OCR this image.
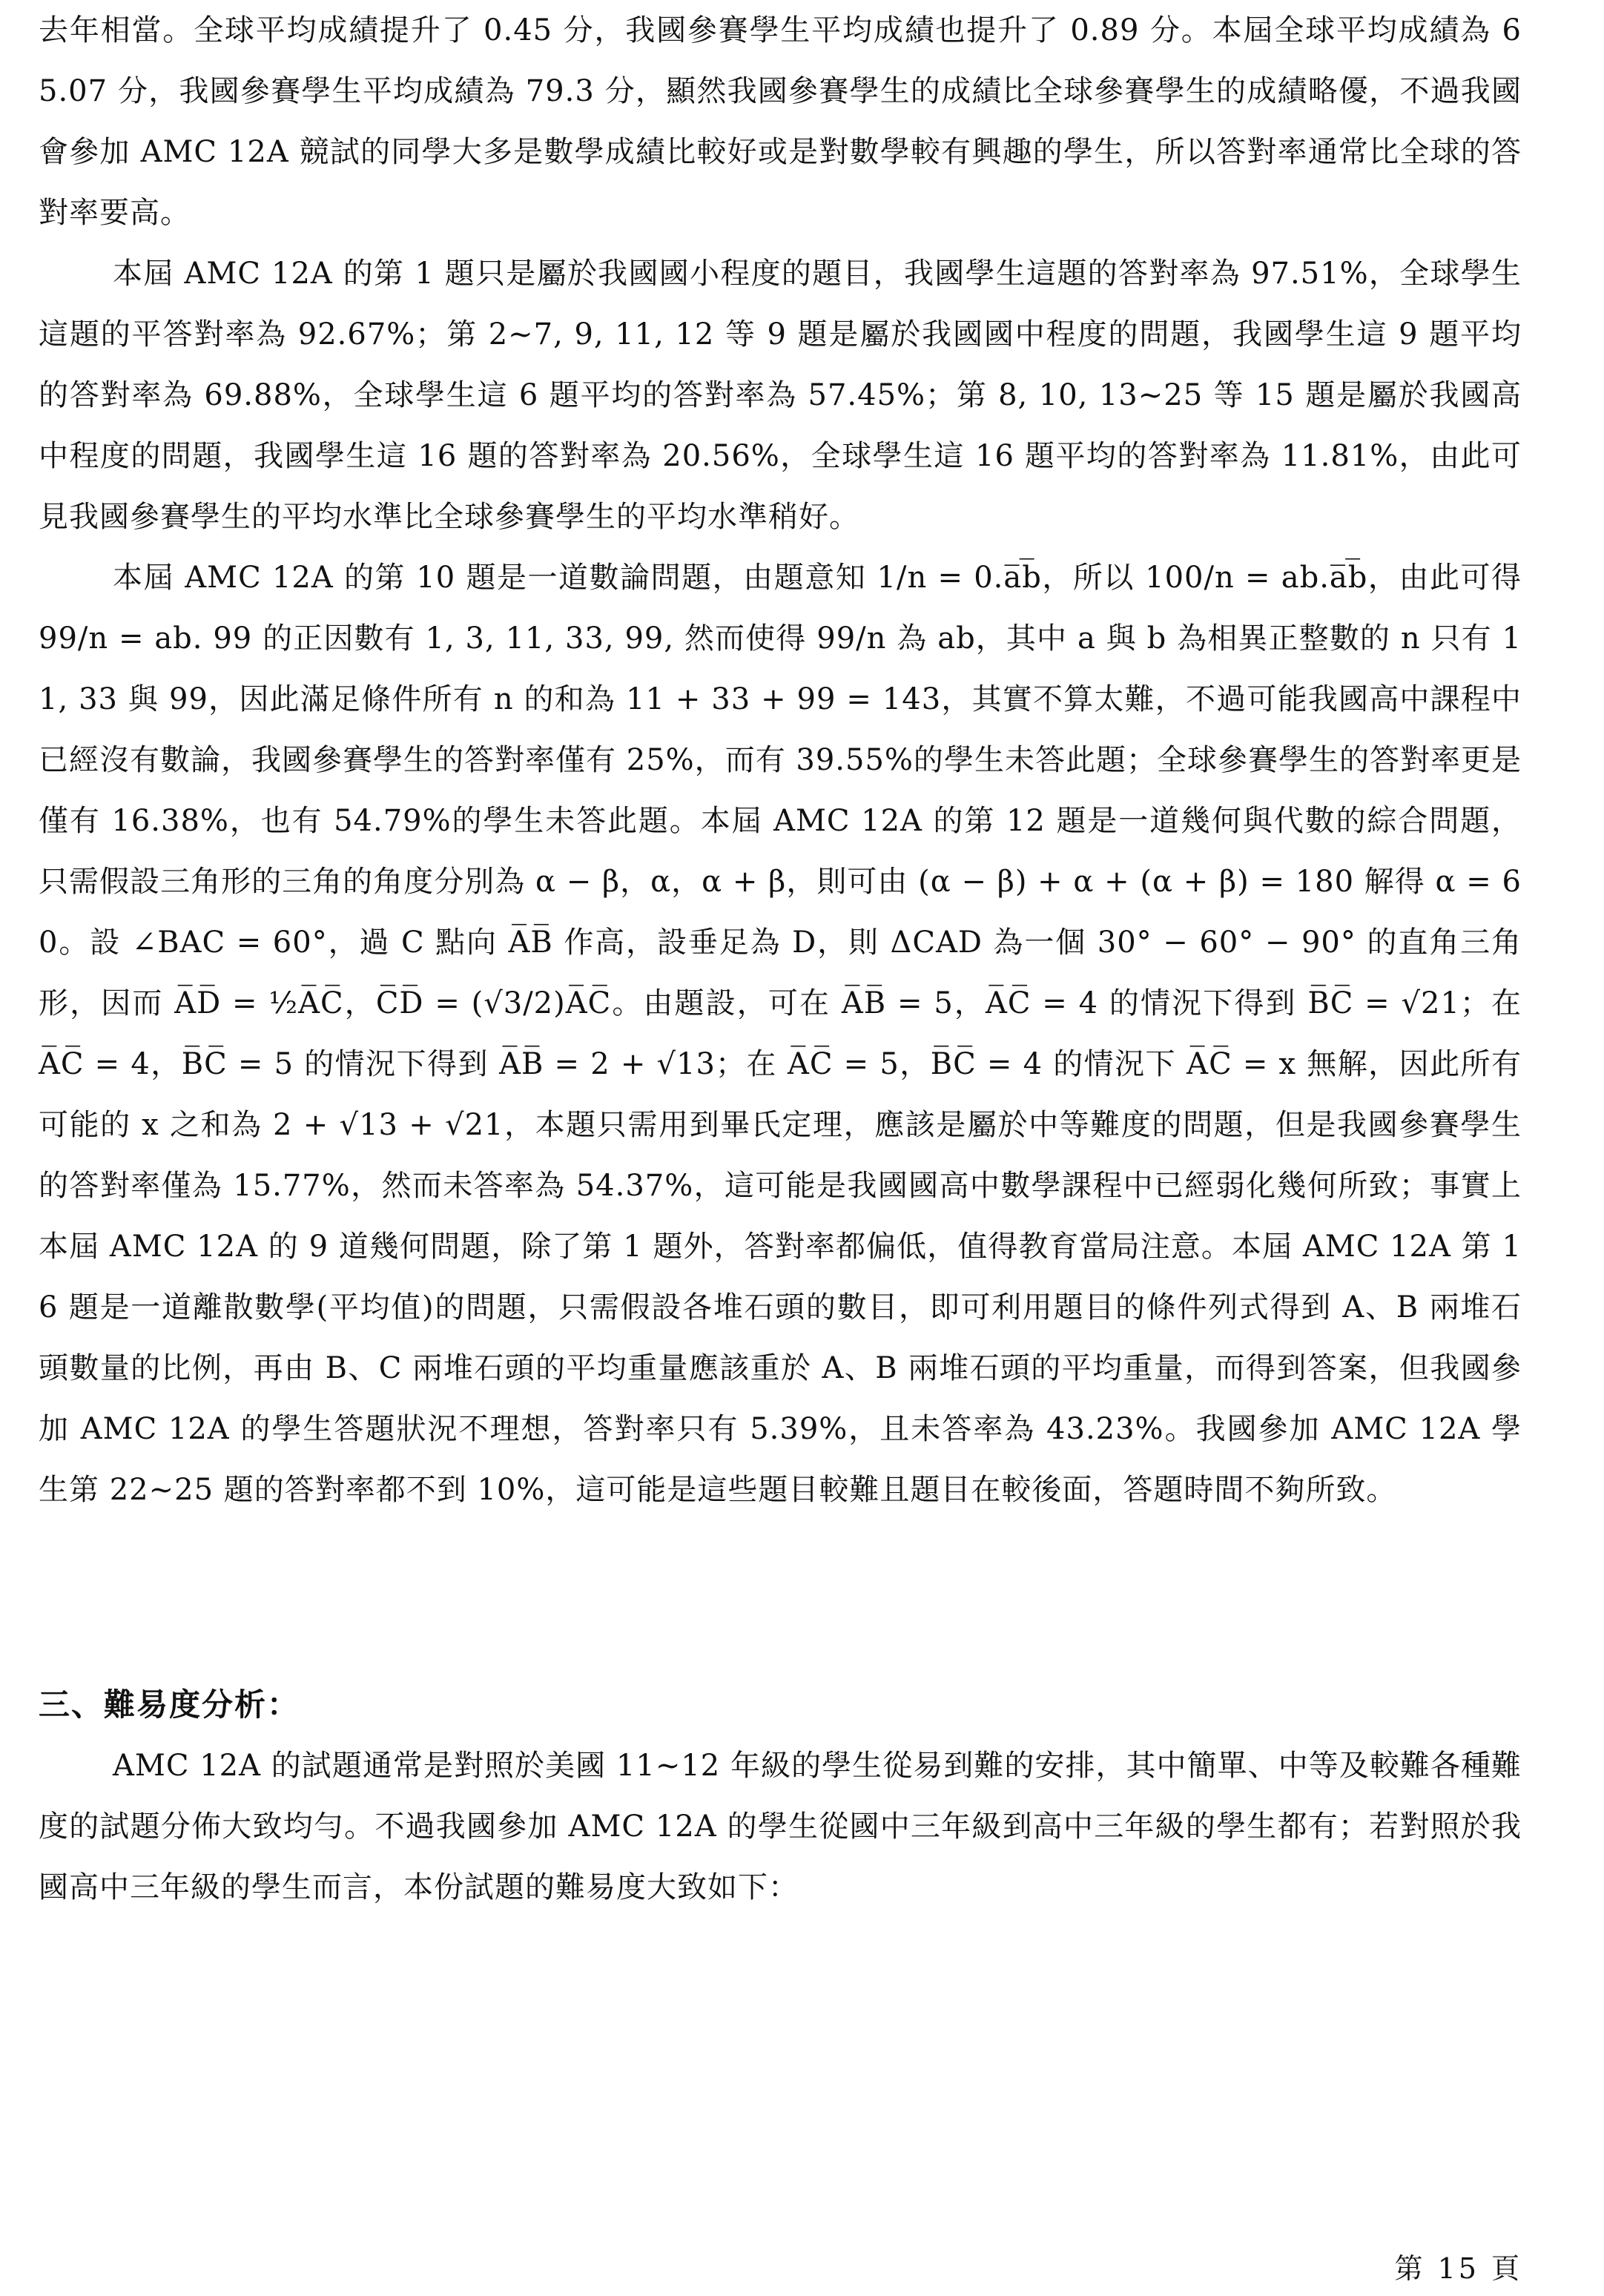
去年相當。全球平均成績提升了 0.45 分，我國參賽學生平均成績也提升了 0.89 分。本屆全球平均成績為 65.07 分，我國參賽學生平均成績為 79.3 分，顯然我國參賽學生的成績比全球參賽學生的成績略優，不過我國會參加 AMC 12A 競試的同學大多是數學成績比較好或是對數學較有興趣的學生，所以答對率通常比全球的答對率要高。

本屆 AMC 12A 的第 1 題只是屬於我國國小程度的題目，我國學生這題的答對率為 97.51%，全球學生這題的平答對率為 92.67%；第 2~7, 9, 11, 12 等 9 題是屬於我國國中程度的問題，我國學生這 9 題平均的答對率為 69.88%，全球學生這 6 題平均的答對率為 57.45%；第 8, 10, 13~25 等 15 題是屬於我國高中程度的問題，我國學生這 16 題的答對率為 20.56%，全球學生這 16 題平均的答對率為 11.81%，由此可見我國參賽學生的平均水準比全球參賽學生的平均水準稍好。

本屆 AMC 12A 的第 10 題是一道數論問題，由題意知 1/n = 0.a̅b̅，所以 100/n = ab.a̅b̅，由此可得 99/n = ab. 99 的正因數有 1, 3, 11, 33, 99, 然而使得 99/n 為 ab，其中 a 與 b 為相異正整數的 n 只有 11, 33 與 99，因此滿足條件所有 n 的和為 11 + 33 + 99 = 143，其實不算太難，不過可能我國高中課程中已經沒有數論，我國參賽學生的答對率僅有 25%，而有 39.55%的學生未答此題；全球參賽學生的答對率更是僅有 16.38%，也有 54.79%的學生未答此題。本屆 AMC 12A 的第 12 題是一道幾何與代數的綜合問題，只需假設三角形的三角的角度分別為 α − β，α，α + β，則可由 (α − β) + α + (α + β) = 180 解得 α = 60。設 ∠BAC = 60°，過 C 點向 A̅B̅ 作高，設垂足為 D，則 ΔCAD 為一個 30° − 60° − 90° 的直角三角形，因而 A̅D̅ = ½A̅C̅，C̅D̅ = (√3/2)A̅C̅。由題設，可在 A̅B̅ = 5，A̅C̅ = 4 的情況下得到 B̅C̅ = √21；在 A̅C̅ = 4，B̅C̅ = 5 的情況下得到 A̅B̅ = 2 + √13；在 A̅C̅ = 5，B̅C̅ = 4 的情況下 A̅C̅ = x 無解，因此所有可能的 x 之和為 2 + √13 + √21，本題只需用到畢氏定理，應該是屬於中等難度的問題，但是我國參賽學生的答對率僅為 15.77%，然而未答率為 54.37%，這可能是我國國高中數學課程中已經弱化幾何所致；事實上本屆 AMC 12A 的 9 道幾何問題，除了第 1 題外，答對率都偏低，值得教育當局注意。本屆 AMC 12A 第 16 題是一道離散數學(平均值)的問題，只需假設各堆石頭的數目，即可利用題目的條件列式得到 A、B 兩堆石頭數量的比例，再由 B、C 兩堆石頭的平均重量應該重於 A、B 兩堆石頭的平均重量，而得到答案，但我國參加 AMC 12A 的學生答題狀況不理想，答對率只有 5.39%，且未答率為 43.23%。我國參加 AMC 12A 學生第 22~25 題的答對率都不到 10%，這可能是這些題目較難且題目在較後面，答題時間不夠所致。

三、難易度分析：

AMC 12A 的試題通常是對照於美國 11~12 年級的學生從易到難的安排，其中簡單、中等及較難各種難度的試題分佈大致均勻。不過我國參加 AMC 12A 的學生從國中三年級到高中三年級的學生都有；若對照於我國高中三年級的學生而言，本份試題的難易度大致如下：

第 15 頁
